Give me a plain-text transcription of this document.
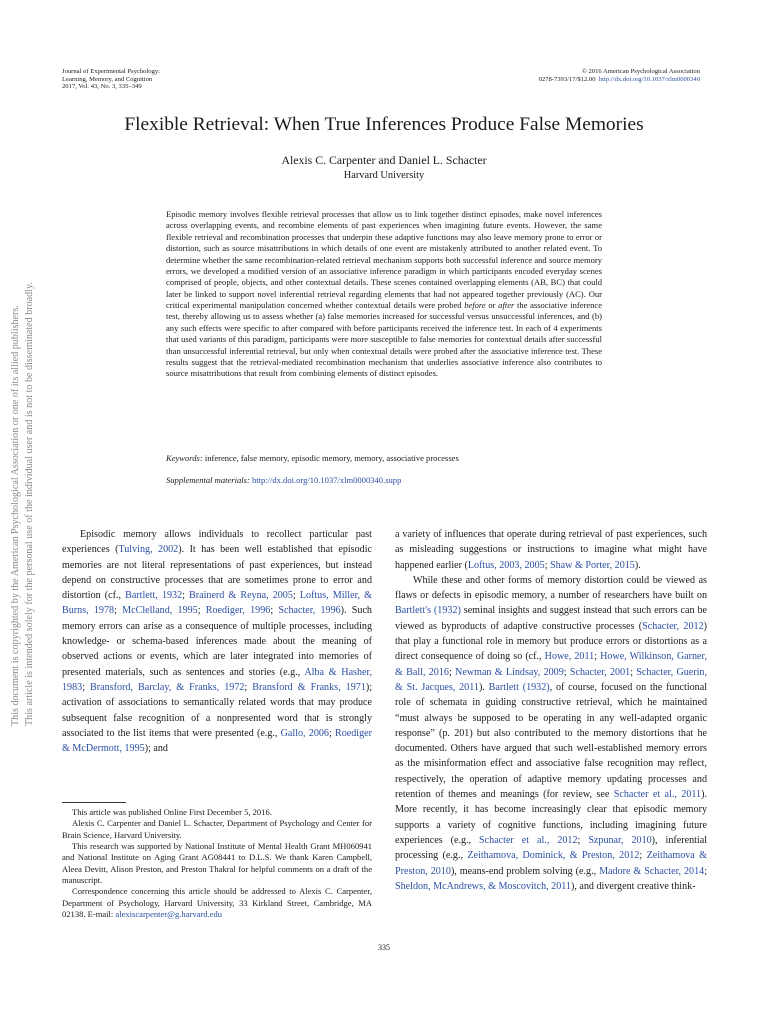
Journal of Experimental Psychology:
Learning, Memory, and Cognition
2017, Vol. 43, No. 3, 335–349
© 2016 American Psychological Association
0278-7393/17/$12.00 http://dx.doi.org/10.1037/xlm0000340
Flexible Retrieval: When True Inferences Produce False Memories
Alexis C. Carpenter and Daniel L. Schacter
Harvard University
Episodic memory involves flexible retrieval processes that allow us to link together distinct episodes, make novel inferences across overlapping events, and recombine elements of past experiences when imagining future events. However, the same flexible retrieval and recombination processes that underpin these adaptive functions may also leave memory prone to error or distortion, such as source misattributions in which details of one event are mistakenly attributed to another related event. To determine whether the same recombination-related retrieval mechanism supports both successful inference and source memory errors, we developed a modified version of an associative inference paradigm in which participants encoded everyday scenes comprised of people, objects, and other contextual details. These scenes contained overlapping elements (AB, BC) that could later be linked to support novel inferential retrieval regarding elements that had not appeared together previously (AC). Our critical experimental manipulation concerned whether contextual details were probed before or after the associative inference test, thereby allowing us to assess whether (a) false memories increased for successful versus unsuccessful inferences, and (b) any such effects were specific to after compared with before participants received the inference test. In each of 4 experiments that used variants of this paradigm, participants were more susceptible to false memories for contextual details after successful than unsuccessful inferential retrieval, but only when contextual details were probed after the associative inference test. These results suggest that the retrieval-mediated recombination mechanism that underlies associative inference also contributes to source misattributions that result from combining elements of distinct episodes.
Keywords: inference, false memory, episodic memory, memory, associative processes
Supplemental materials: http://dx.doi.org/10.1037/xlm0000340.supp

Episodic memory allows individuals to recollect particular past experiences (Tulving, 2002). It has been well established that episodic memories are not literal representations of past experiences, but instead depend on constructive processes that are sometimes prone to error and distortion (cf., Bartlett, 1932; Brainerd & Reyna, 2005; Loftus, Miller, & Burns, 1978; McClelland, 1995; Roediger, 1996; Schacter, 1996). Such memory errors can arise as a consequence of multiple processes, including knowledge- or schema-based inferences made about the meaning of observed actions or events, which are later integrated into memories of presented materials, such as sentences and stories (e.g., Alba & Hasher, 1983; Bransford, Barclay, & Franks, 1972; Bransford & Franks, 1971); activation of associations to semantically related words that may produce subsequent false recognition of a nonpresented word that is strongly associated to the list items that were presented (e.g., Gallo, 2006; Roediger & McDermott, 1995); and

This article was published Online First December 5, 2016.

Alexis C. Carpenter and Daniel L. Schacter, Department of Psychology and Center for Brain Science, Harvard University.

This research was supported by National Institute of Mental Health Grant MH060941 and National Institute on Aging Grant AG08441 to D.L.S. We thank Karen Campbell, Aleea Devitt, Alison Preston, and Preston Thakral for helpful comments on a draft of the manuscript.

Correspondence concerning this article should be addressed to Alexis C. Carpenter, Department of Psychology, Harvard University, 33 Kirkland Street, Cambridge, MA 02138. E-mail: alexiscarpenter@g.harvard.edu

a variety of influences that operate during retrieval of past experiences, such as misleading suggestions or instructions to imagine what might have happened earlier (Loftus, 2003, 2005; Shaw & Porter, 2015).

While these and other forms of memory distortion could be viewed as flaws or defects in episodic memory, a number of researchers have built on Bartlett's (1932) seminal insights and suggest instead that such errors can be viewed as byproducts of adaptive constructive processes (Schacter, 2012) that play a functional role in memory but produce errors or distortions as a direct consequence of doing so (cf., Howe, 2011; Howe, Wilkinson, Garner, & Ball, 2016; Newman & Lindsay, 2009; Schacter, 2001; Schacter, Guerin, & St. Jacques, 2011). Bartlett (1932), of course, focused on the functional role of schemata in guiding constructive retrieval, which he maintained “must always be supposed to be operating in any well-adapted organic response” (p. 201) but also contributed to the memory distortions that he documented. Others have argued that such well-established memory errors as the misinformation effect and associative false recognition may reflect, respectively, the operation of adaptive memory updating processes and retention of themes and meanings (for review, see Schacter et al., 2011). More recently, it has become increasingly clear that episodic memory supports a variety of cognitive functions, including imagining future experiences (e.g., Schacter et al., 2012; Szpunar, 2010), inferential processing (e.g., Zeithamova, Dominick, & Preston, 2012; Zeithamova & Preston, 2010), means-end problem solving (e.g., Madore & Schacter, 2014; Sheldon, McAndrews, & Moscovitch, 2011), and divergent creative think-

335
This document is copyrighted by the American Psychological Association or one of its allied publishers. This article is intended solely for the personal use of the individual user and is not to be disseminated broadly.
